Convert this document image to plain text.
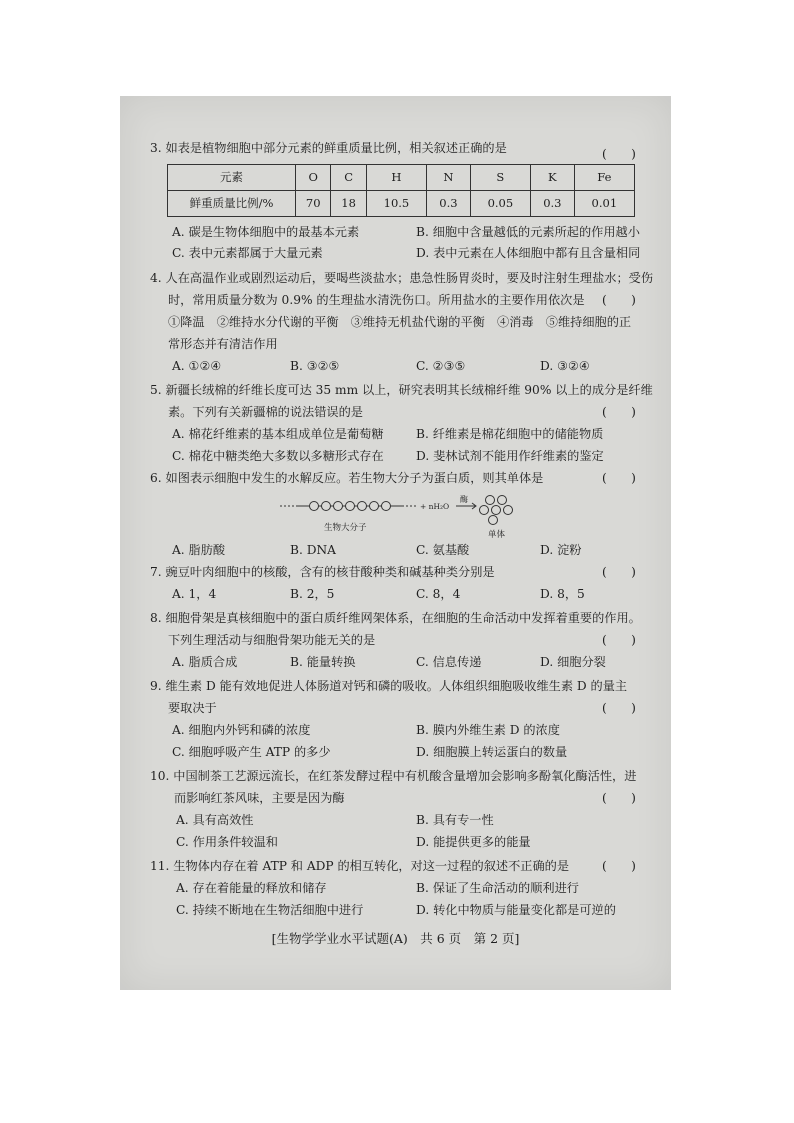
3. 如表是植物细胞中部分元素的鲜重质量比例，相关叙述正确的是	(　　)
元素	O	C	H	N	S	K	Fe
鲜重质量比例/%	70	18	10.5	0.3	0.05	0.3	0.01
A. 碳是生物体细胞中的最基本元素	B. 细胞中含量越低的元素所起的作用越小
C. 表中元素都属于大量元素	D. 表中元素在人体细胞中都有且含量相同
4. 人在高温作业或剧烈运动后，要喝些淡盐水；患急性肠胃炎时，要及时注射生理盐水；受伤
时，常用质量分数为 0.9% 的生理盐水清洗伤口。所用盐水的主要作用依次是 (　　)
①降温　②维持水分代谢的平衡　③维持无机盐代谢的平衡　④消毒　⑤维持细胞的正
常形态并有清洁作用
A. ①②④	B. ③②⑤	C. ②③⑤	D. ③②④
5. 新疆长绒棉的纤维长度可达 35 mm 以上，研究表明其长绒棉纤维 90% 以上的成分是纤维
素。下列有关新疆棉的说法错误的是	(　　)
A. 棉花纤维素的基本组成单位是葡萄糖	B. 纤维素是棉花细胞中的储能物质
C. 棉花中糖类绝大多数以多糖形式存在	D. 斐林试剂不能用作纤维素的鉴定
6. 如图表示细胞中发生的水解反应。若生物大分子为蛋白质，则其单体是	(　　)
生物大分子
+ nH₂O
酶
单体
A. 脂肪酸	B. DNA	C. 氨基酸	D. 淀粉
7. 豌豆叶肉细胞中的核酸，含有的核苷酸种类和碱基种类分别是	(　　)
A. 1，4	B. 2，5	C. 8，4	D. 8，5
8. 细胞骨架是真核细胞中的蛋白质纤维网架体系，在细胞的生命活动中发挥着重要的作用。
下列生理活动与细胞骨架功能无关的是	(　　)
A. 脂质合成	B. 能量转换	C. 信息传递	D. 细胞分裂
9. 维生素 D 能有效地促进人体肠道对钙和磷的吸收。人体组织细胞吸收维生素 D 的量主
要取决于	(　　)
A. 细胞内外钙和磷的浓度	B. 膜内外维生素 D 的浓度
C. 细胞呼吸产生 ATP 的多少	D. 细胞膜上转运蛋白的数量
10. 中国制茶工艺源远流长，在红茶发酵过程中有机酸含量增加会影响多酚氧化酶活性，进
而影响红茶风味，主要是因为酶	(　　)
A. 具有高效性	B. 具有专一性
C. 作用条件较温和	D. 能提供更多的能量
11. 生物体内存在着 ATP 和 ADP 的相互转化，对这一过程的叙述不正确的是	(　　)
A. 存在着能量的释放和储存	B. 保证了生命活动的顺利进行
C. 持续不断地在生物活细胞中进行	D. 转化中物质与能量变化都是可逆的
[生物学学业水平试题(A)　共 6 页　第 2 页]
